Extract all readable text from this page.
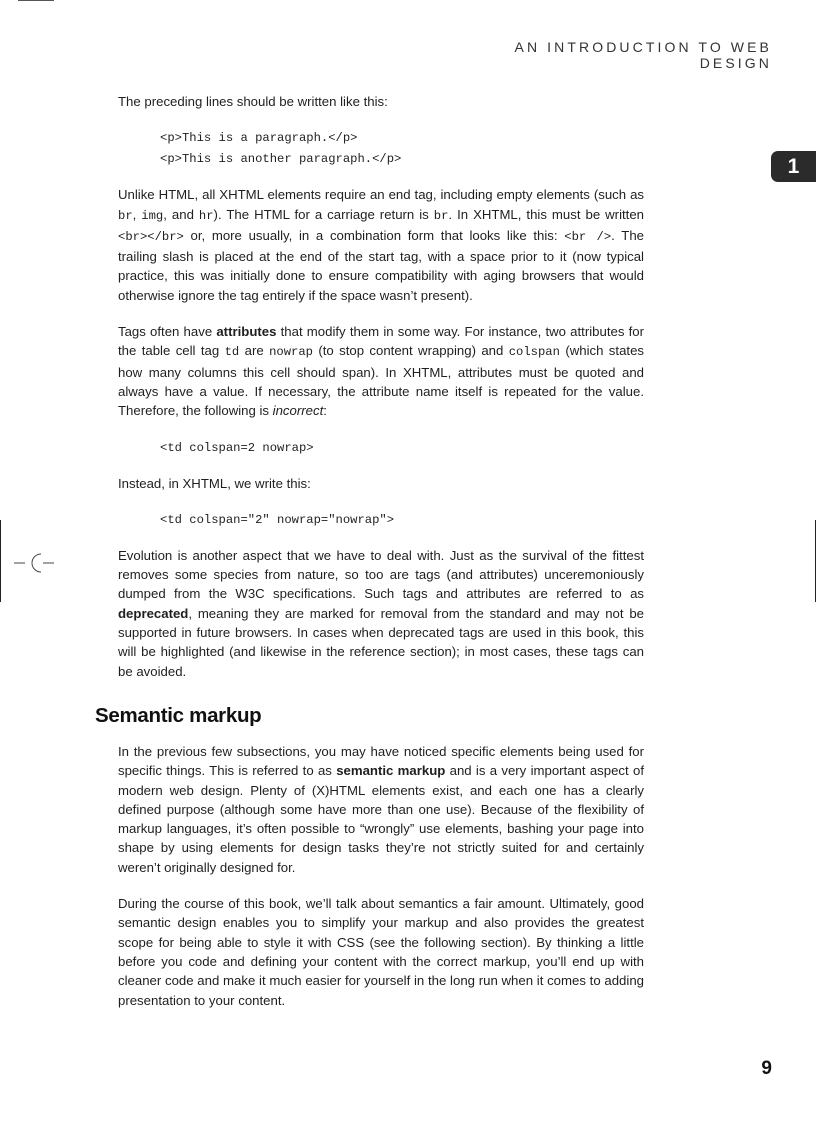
AN INTRODUCTION TO WEB DESIGN
1

The preceding lines should be written like this:

<p>This is a paragraph.</p>
<p>This is another paragraph.</p>

Unlike HTML, all XHTML elements require an end tag, including empty elements (such as br, img, and hr). The HTML for a carriage return is br. In XHTML, this must be written <br></br> or, more usually, in a combination form that looks like this: <br />. The trailing slash is placed at the end of the start tag, with a space prior to it (now typical practice, this was initially done to ensure compatibility with aging browsers that would otherwise ignore the tag entirely if the space wasn’t present).

Tags often have attributes that modify them in some way. For instance, two attributes for the table cell tag td are nowrap (to stop content wrapping) and colspan (which states how many columns this cell should span). In XHTML, attributes must be quoted and always have a value. If necessary, the attribute name itself is repeated for the value. Therefore, the following is incorrect:

<td colspan=2 nowrap>

Instead, in XHTML, we write this:

<td colspan="2" nowrap="nowrap">

Evolution is another aspect that we have to deal with. Just as the survival of the fittest removes some species from nature, so too are tags (and attributes) unceremoniously dumped from the W3C specifications. Such tags and attributes are referred to as deprecated, meaning they are marked for removal from the standard and may not be supported in future browsers. In cases when deprecated tags are used in this book, this will be highlighted (and likewise in the reference section); in most cases, these tags can be avoided.

Semantic markup

In the previous few subsections, you may have noticed specific elements being used for specific things. This is referred to as semantic markup and is a very important aspect of modern web design. Plenty of (X)HTML elements exist, and each one has a clearly defined purpose (although some have more than one use). Because of the flexibility of markup languages, it’s often possible to “wrongly” use elements, bashing your page into shape by using elements for design tasks they’re not strictly suited for and certainly weren’t originally designed for.

During the course of this book, we’ll talk about semantics a fair amount. Ultimately, good semantic design enables you to simplify your markup and also provides the greatest scope for being able to style it with CSS (see the following section). By thinking a little before you code and defining your content with the correct markup, you’ll end up with cleaner code and make it much easier for yourself in the long run when it comes to adding presentation to your content.

9
